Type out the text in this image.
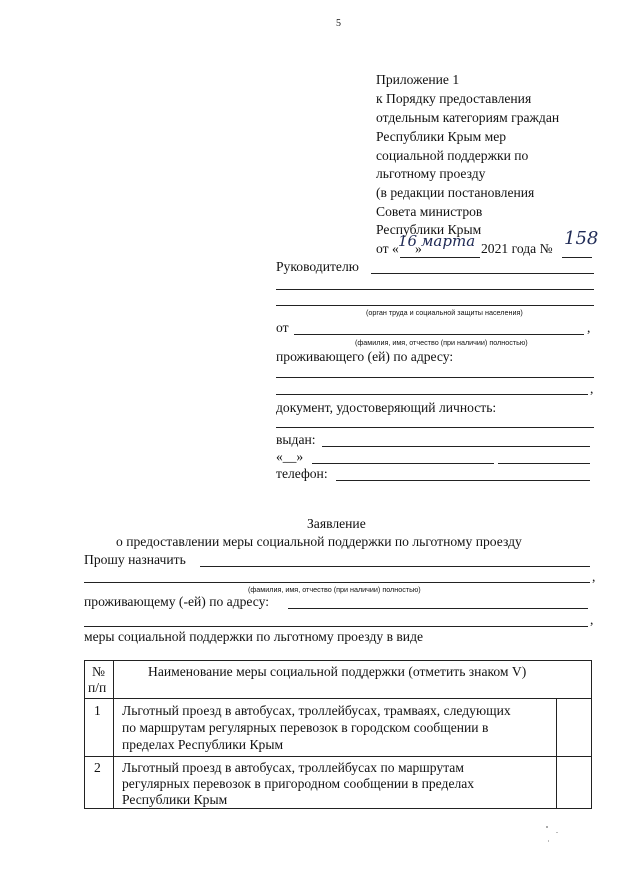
5
Приложение 1
к Порядку предоставления
отдельным категориям граждан
Республики Крым мер
социальной поддержки по
льготному проезду
(в редакции постановления
Совета министров
Республики Крым
от « 16
» марта 2021 года № 158
Руководителю
(орган труда и социальной защиты населения)
от	,
(фамилия, имя, отчество (при наличии) полностью)
проживающего (ей) по адресу:
,
документ, удостоверяющий личность:
выдан:
«__»
телефон:
Заявление
о предоставлении меры социальной поддержки по льготному проезду
Прошу назначить
,
(фамилия, имя, отчество (при наличии) полностью)
проживающему (-ей) по адресу:
,
меры социальной поддержки по льготному проезду в виде
№
п/п
Наименование меры социальной поддержки (отметить знаком V)
1 Льготный проезд в автобусах, троллейбусах, трамваях, следующих
по маршрутам регулярных перевозок в городском сообщении в
пределах Республики Крым
2 Льготный проезд в автобусах, троллейбусах по маршрутам
регулярных перевозок в пригородном сообщении в пределах
Республики Крым
